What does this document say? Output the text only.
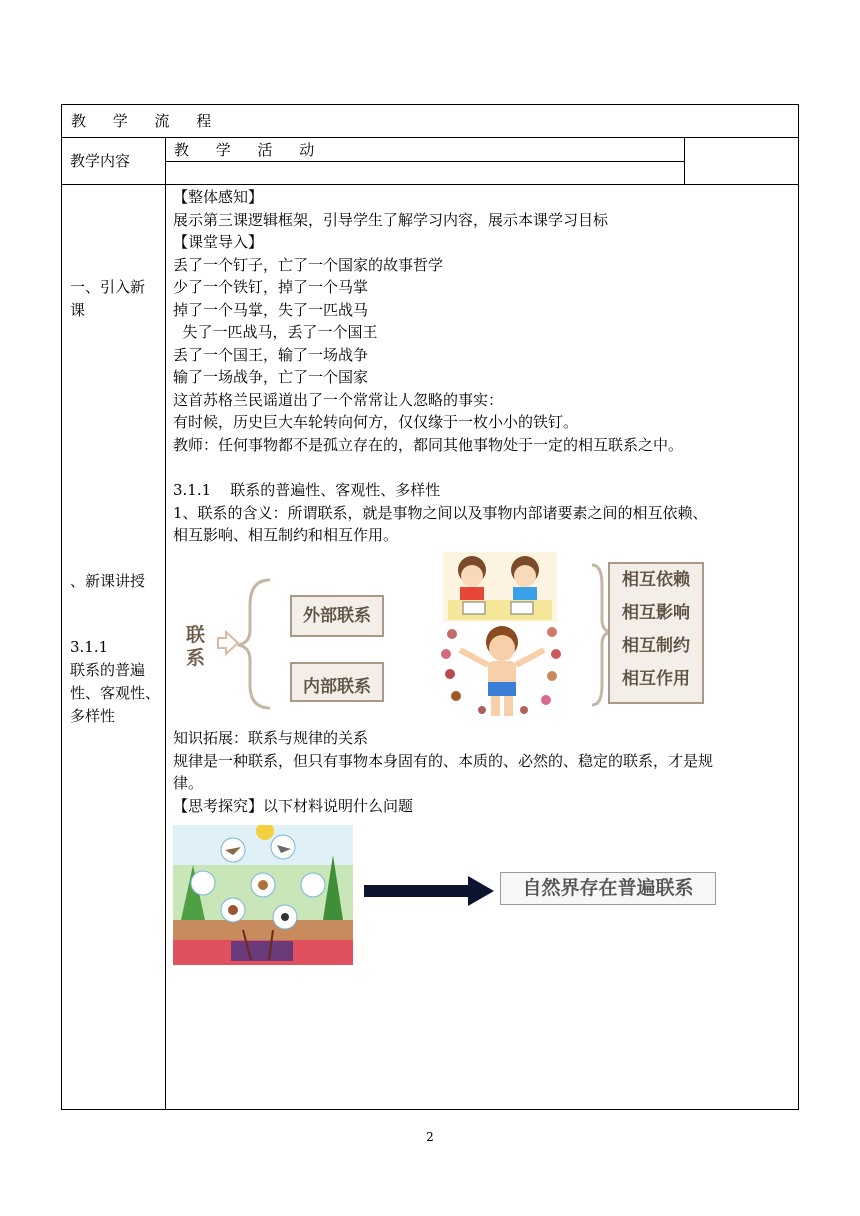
教 学 流 程
教学内容
教 学 活 动
一、引入新
课
、新课讲授
3.1.1
联系的普遍
性、客观性、
多样性
【整体感知】
展示第三课逻辑框架，引导学生了解学习内容，展示本课学习目标
【课堂导入】
丢了一个钉子，亡了一个国家的故事哲学
少了一个铁钉，掉了一个马掌
掉了一个马掌，失了一匹战马
失了一匹战马，丢了一个国王
丢了一个国王，输了一场战争
输了一场战争，亡了一个国家
这首苏格兰民谣道出了一个常常让人忽略的事实：
有时候，历史巨大车轮转向何方，仅仅缘于一枚小小的铁钉。
教师：任何事物都不是孤立存在的，都同其他事物处于一定的相互联系之中。
3.1.1    联系的普遍性、客观性、多样性
1、联系的含义：所谓联系，就是事物之间以及事物内部诸要素之间的相互依赖、
相互影响、相互制约和相互作用。
联系
外部联系
内部联系
相互依赖
相互影响
相互制约
相互作用
知识拓展：联系与规律的关系
规律是一种联系，但只有事物本身固有的、本质的、必然的、稳定的联系，才是规
律。
【思考探究】以下材料说明什么问题
自然界存在普遍联系
2
